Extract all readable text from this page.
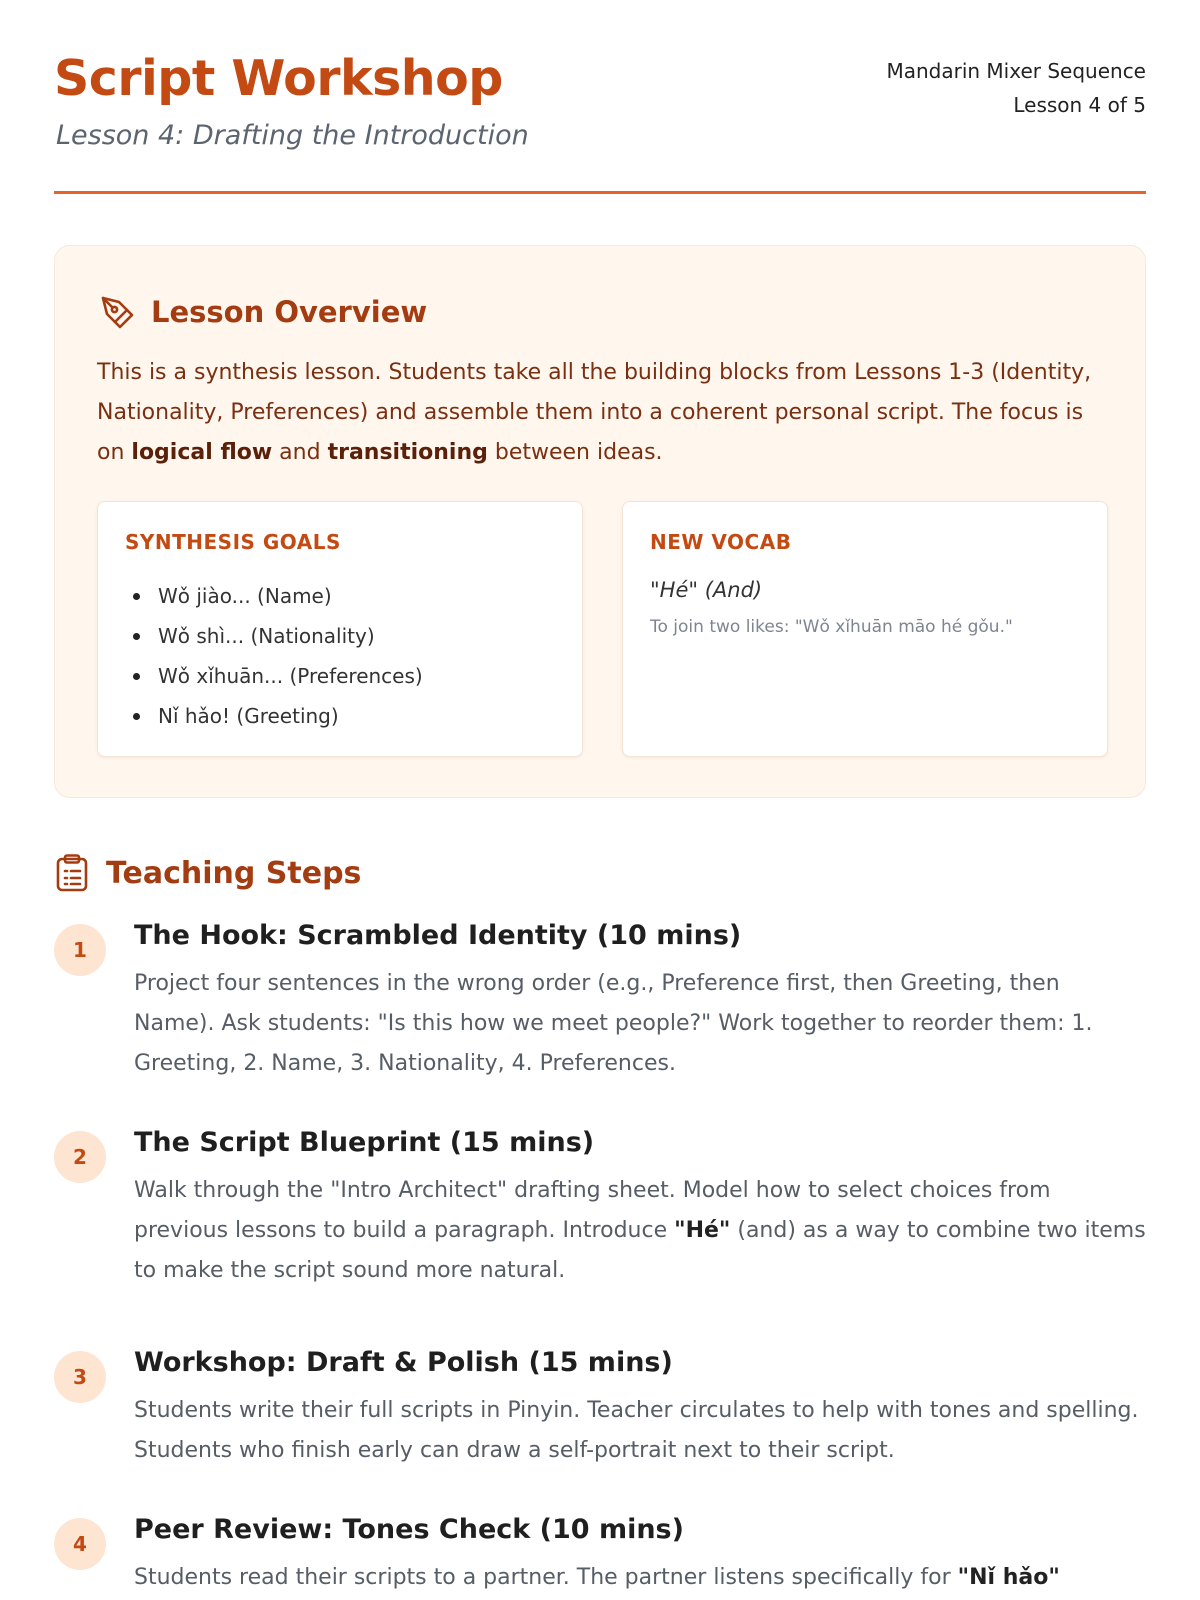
Script Workshop
Lesson 4: Drafting the Introduction
Mandarin Mixer Sequence
Lesson 4 of 5
Lesson Overview
This is a synthesis lesson. Students take all the building blocks from Lessons 1-3 (Identity, Nationality, Preferences) and assemble them into a coherent personal script. The focus is on logical flow and transitioning between ideas.
SYNTHESIS GOALS
Wǒ jiào... (Name)
Wǒ shì... (Nationality)
Wǒ xǐhuān... (Preferences)
Nǐ hǎo! (Greeting)
NEW VOCAB
"Hé" (And)
To join two likes: "Wǒ xǐhuān māo hé gǒu."
Teaching Steps
1	The Hook: Scrambled Identity (10 mins)
Project four sentences in the wrong order (e.g., Preference first, then Greeting, then Name). Ask students: "Is this how we meet people?" Work together to reorder them: 1. Greeting, 2. Name, 3. Nationality, 4. Preferences.
2	The Script Blueprint (15 mins)
Walk through the "Intro Architect" drafting sheet. Model how to select choices from previous lessons to build a paragraph. Introduce "Hé" (and) as a way to combine two items to make the script sound more natural.
3	Workshop: Draft & Polish (15 mins)
Students write their full scripts in Pinyin. Teacher circulates to help with tones and spelling. Students who finish early can draw a self-portrait next to their script.
4	Peer Review: Tones Check (10 mins)
Students read their scripts to a partner. The partner listens specifically for "Nǐ hǎo"
